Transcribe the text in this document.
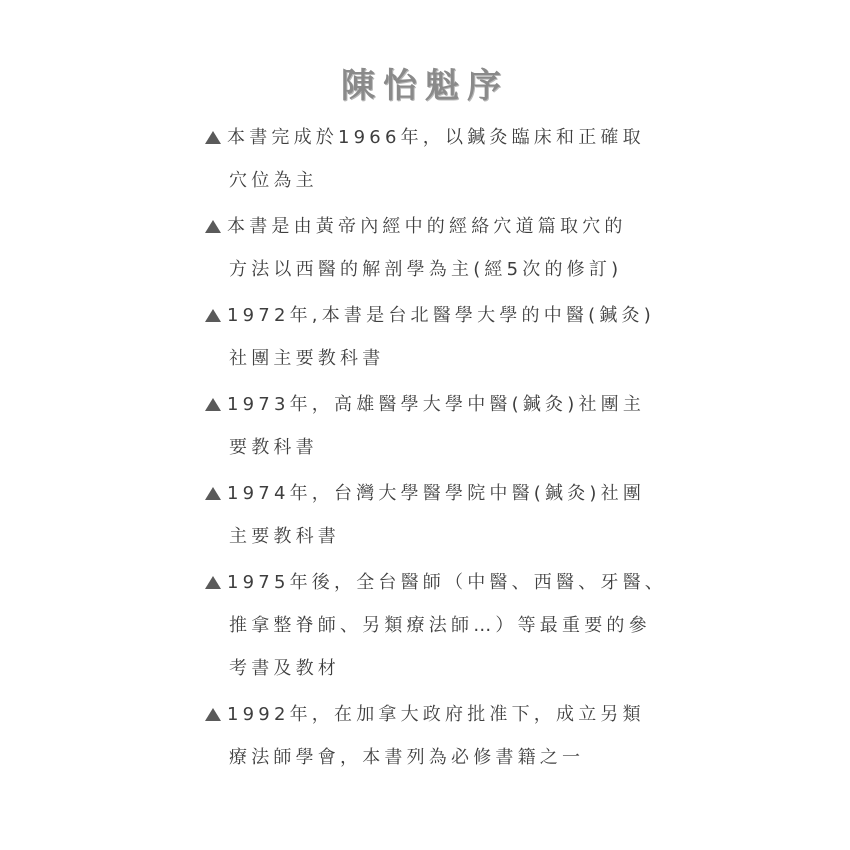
陳怡魁序
本書完成於1966年，以鍼灸臨床和正確取
穴位為主
本書是由黃帝內經中的經絡穴道篇取穴的
方法以西醫的解剖學為主(經5次的修訂)
1972年,本書是台北醫學大學的中醫(鍼灸)
社團主要教科書
1973年，高雄醫學大學中醫(鍼灸)社團主
要教科書
1974年，台灣大學醫學院中醫(鍼灸)社團
主要教科書
1975年後，全台醫師（中醫、西醫、牙醫、
推拿整脊師、另類療法師…）等最重要的參
考書及教材
1992年，在加拿大政府批准下，成立另類
療法師學會，本書列為必修書籍之一
